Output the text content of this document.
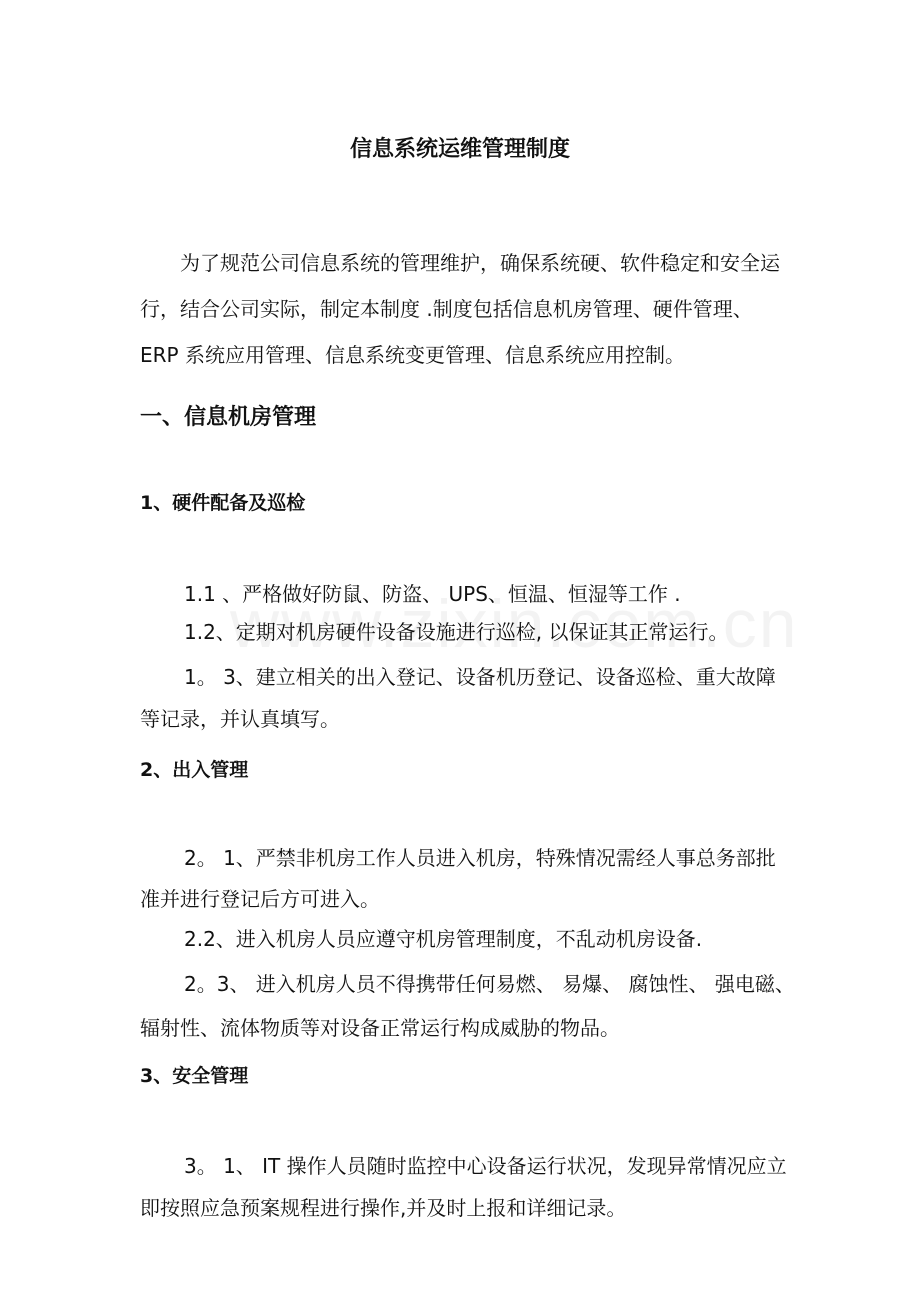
信息系统运维管理制度

为了规范公司信息系统的管理维护，确保系统硬、软件稳定和安全运行，结合公司实际，制定本制度 .制度包括信息机房管理、硬件管理、 ERP 系统应用管理、信息系统变更管理、信息系统应用控制。

一、信息机房管理
1、硬件配备及巡检

1.1 、严格做好防鼠、防盗、 UPS、恒温、恒湿等工作 .

1.2、定期对机房硬件设备设施进行巡检, 以保证其正常运行。

1。 3、建立相关的出入登记、设备机历登记、设备巡检、重大故障等记录，并认真填写。

2、出入管理

2。 1、严禁非机房工作人员进入机房，特殊情况需经人事总务部批准并进行登记后方可进入。

2.2、进入机房人员应遵守机房管理制度，不乱动机房设备.

2。3、 进入机房人员不得携带任何易燃、 易爆、 腐蚀性、 强电磁、辐射性、流体物质等对设备正常运行构成威胁的物品。

3、安全管理

3。 1、 IT 操作人员随时监控中心设备运行状况，发现异常情况应立即按照应急预案规程进行操作,并及时上报和详细记录。
